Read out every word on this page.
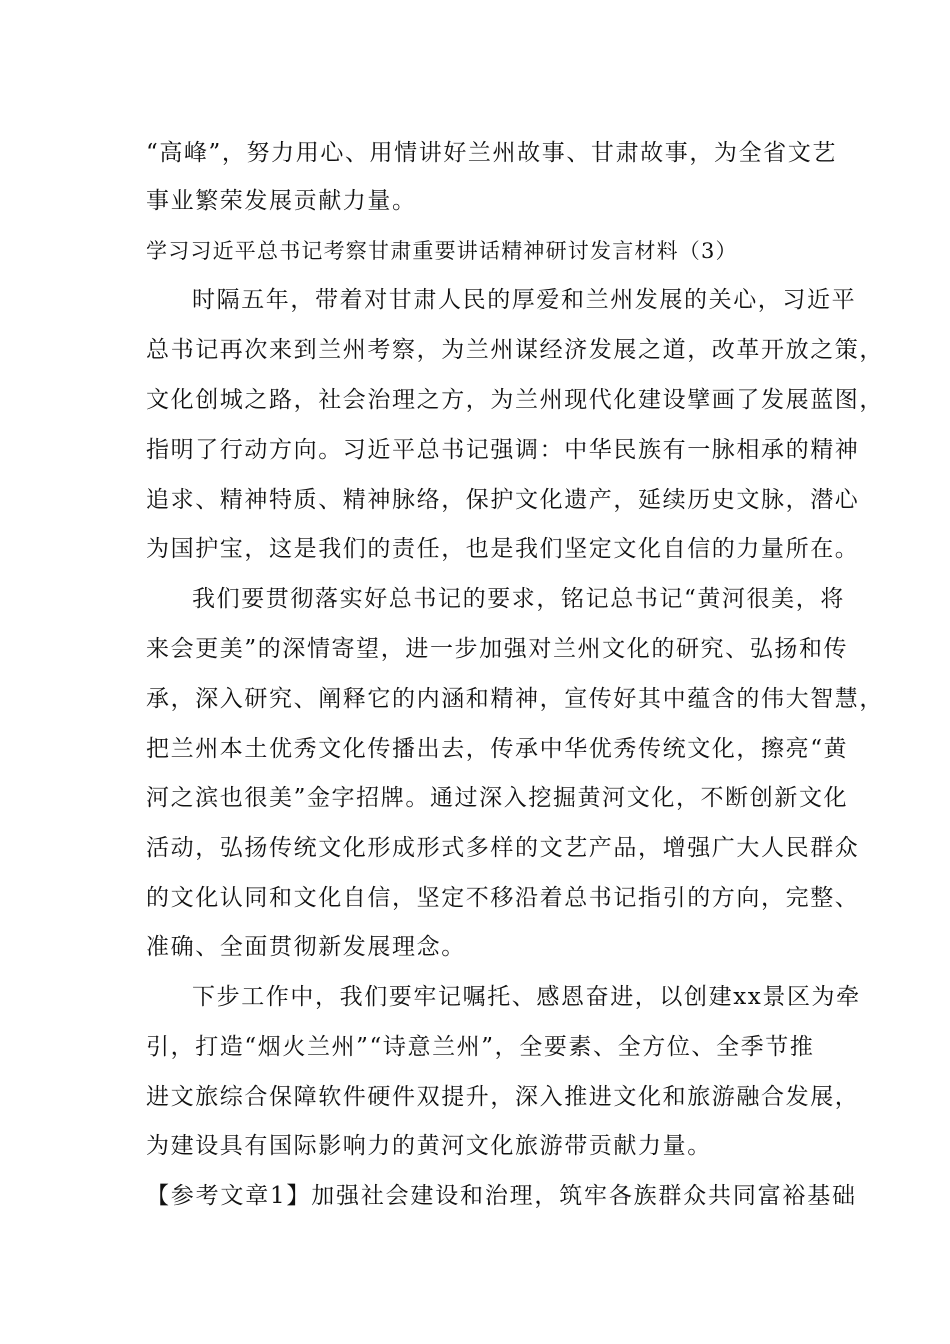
“高峰”，努力用心、用情讲好兰州故事、甘肃故事，为全省文艺
事业繁荣发展贡献力量。
学习习近平总书记考察甘肃重要讲话精神研讨发言材料（3）
时隔五年，带着对甘肃人民的厚爱和兰州发展的关心，习近平
总书记再次来到兰州考察，为兰州谋经济发展之道，改革开放之策，
文化创城之路，社会治理之方，为兰州现代化建设擘画了发展蓝图，
指明了行动方向。习近平总书记强调：中华民族有一脉相承的精神
追求、精神特质、精神脉络，保护文化遗产，延续历史文脉，潜心
为国护宝，这是我们的责任，也是我们坚定文化自信的力量所在。
我们要贯彻落实好总书记的要求，铭记总书记“黄河很美，将
来会更美”的深情寄望，进一步加强对兰州文化的研究、弘扬和传
承，深入研究、阐释它的内涵和精神，宣传好其中蕴含的伟大智慧，
把兰州本土优秀文化传播出去，传承中华优秀传统文化，擦亮“黄
河之滨也很美”金字招牌。通过深入挖掘黄河文化，不断创新文化
活动，弘扬传统文化形成形式多样的文艺产品，增强广大人民群众
的文化认同和文化自信，坚定不移沿着总书记指引的方向，完整、
准确、全面贯彻新发展理念。
下步工作中，我们要牢记嘱托、感恩奋进，以创建xx景区为牵
引，打造“烟火兰州”“诗意兰州”，全要素、全方位、全季节推
进文旅综合保障软件硬件双提升，深入推进文化和旅游融合发展，
为建设具有国际影响力的黄河文化旅游带贡献力量。
【参考文章1】加强社会建设和治理，筑牢各族群众共同富裕基础
